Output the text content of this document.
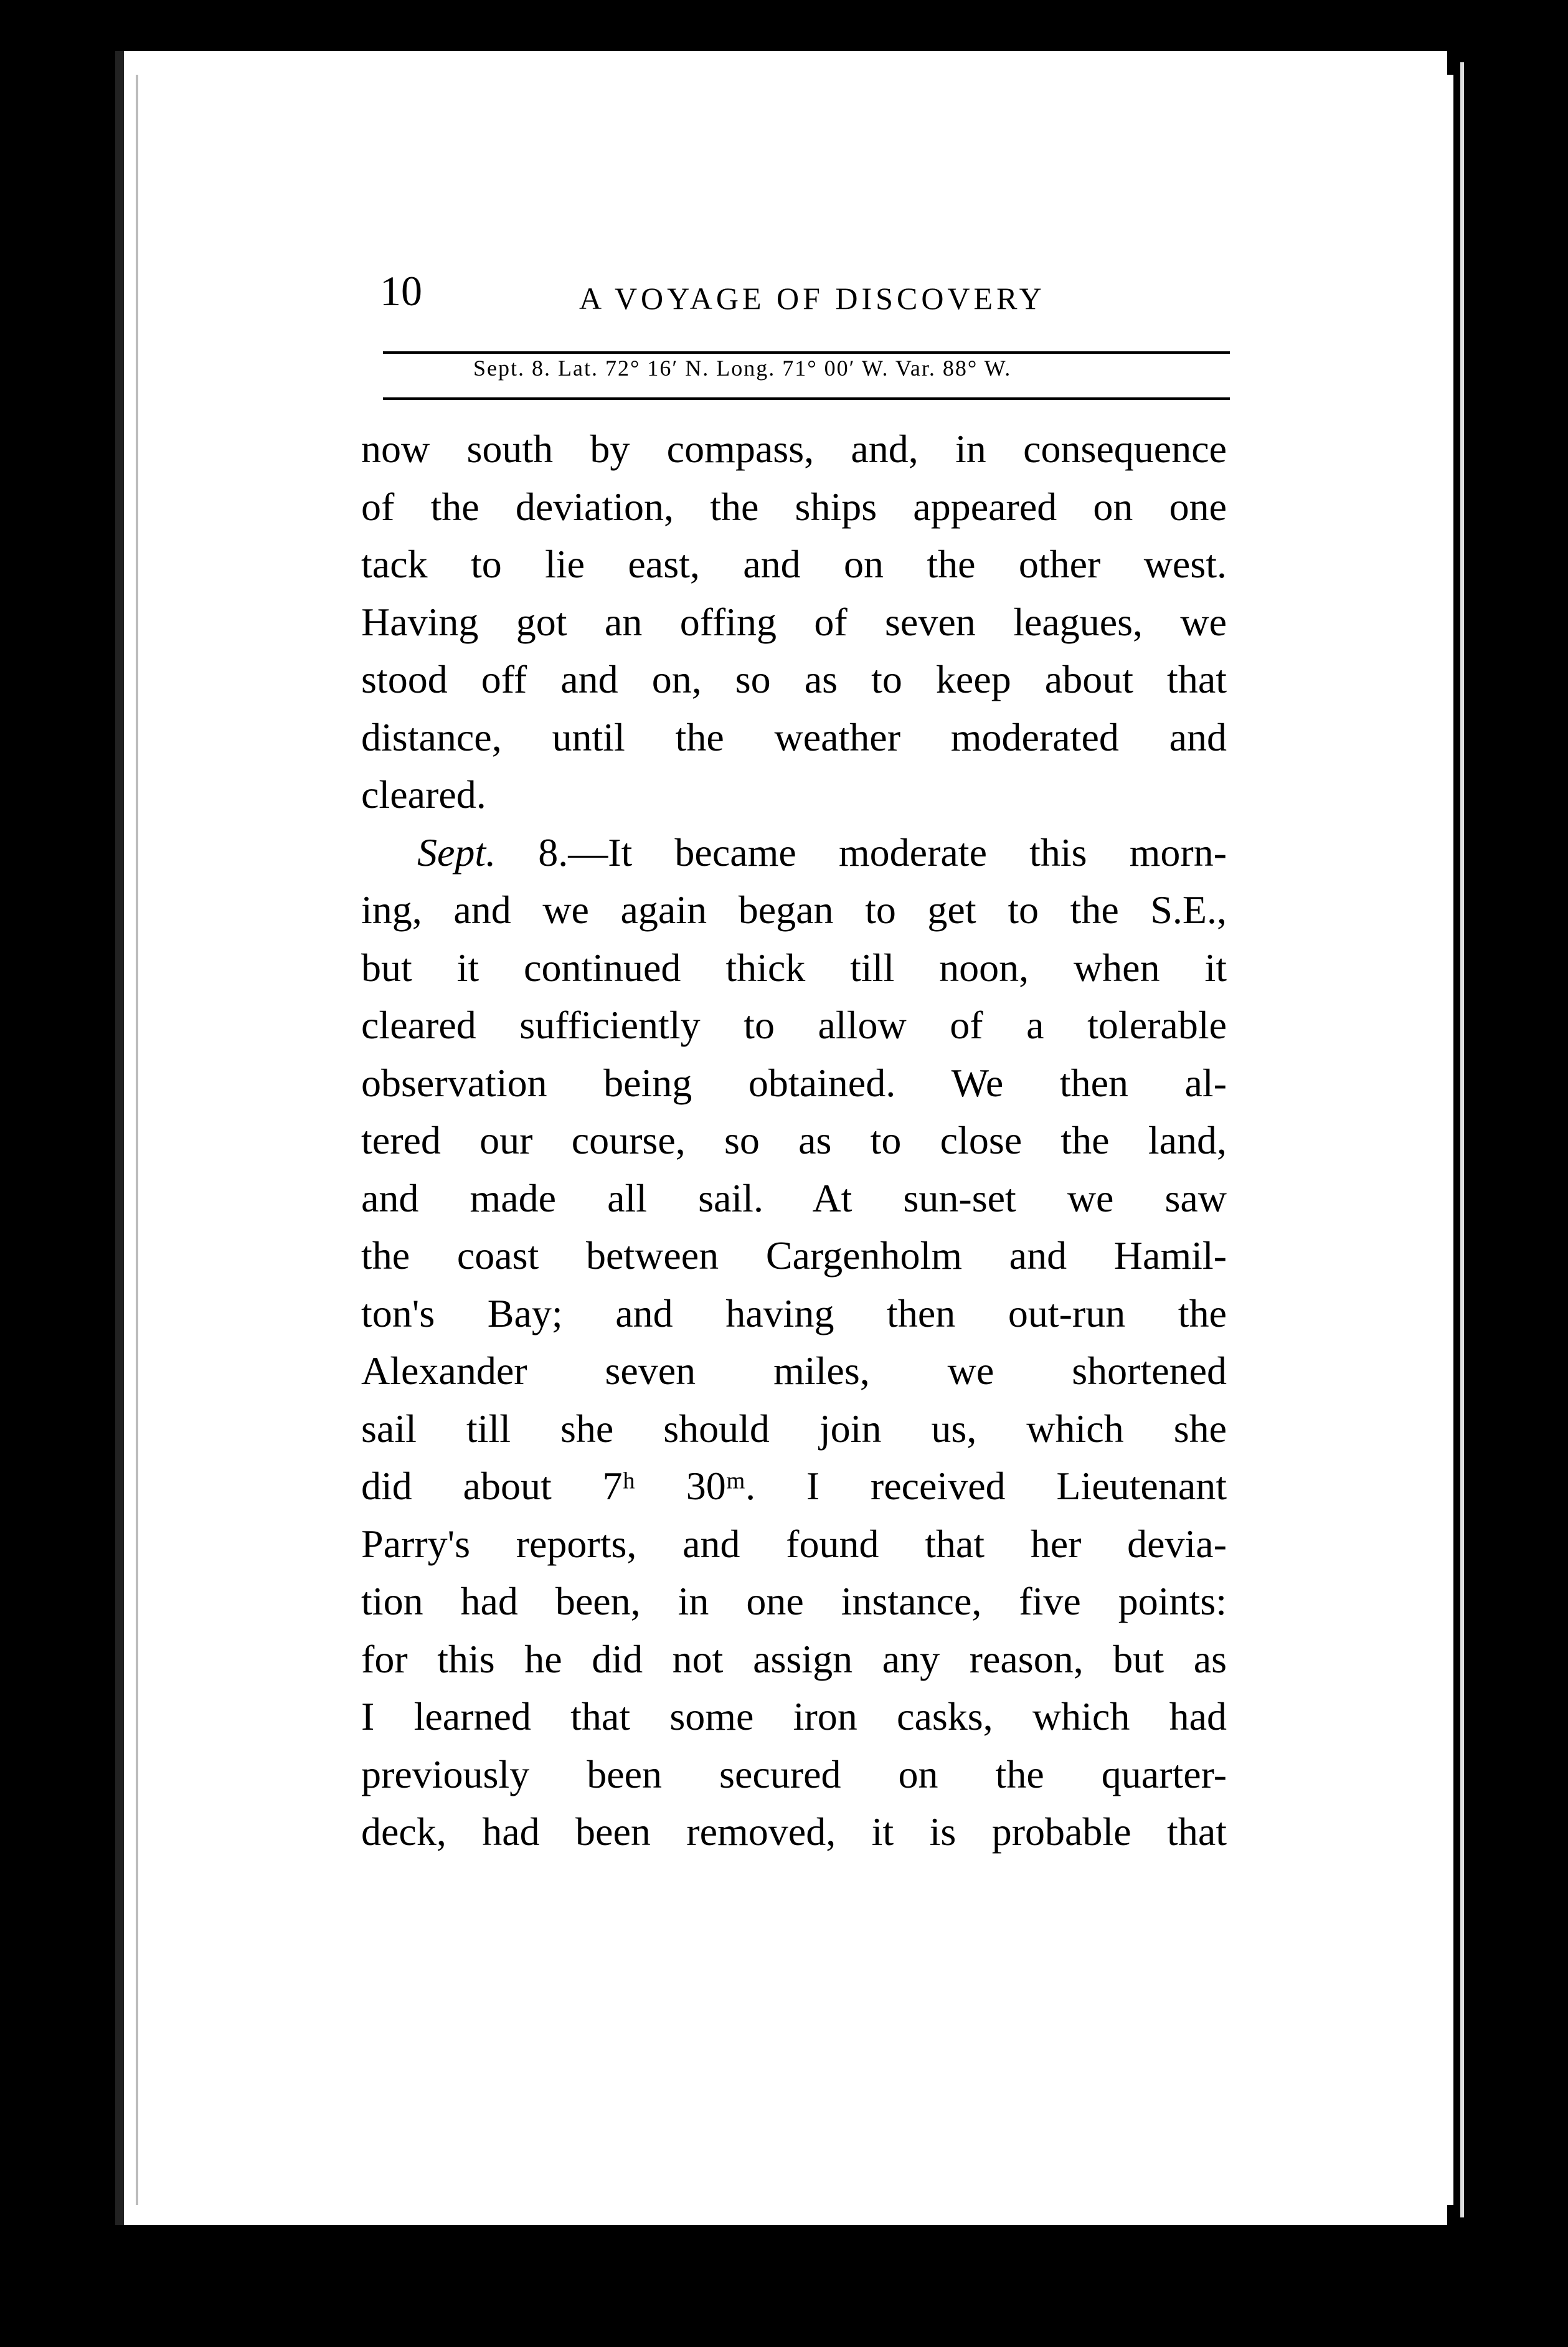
10	A VOYAGE OF DISCOVERY
Sept. 8. Lat. 72° 16′ N. Long. 71° 00′ W. Var. 88° W.
now south by compass, and, in consequence
of the deviation, the ships appeared on one
tack to lie east, and on the other west.
Having got an offing of seven leagues, we
stood off and on, so as to keep about that
distance, until the weather moderated and
cleared.
Sept. 8.—It became moderate this morn-
ing, and we again began to get to the S.E.,
but it continued thick till noon, when it
cleared sufficiently to allow of a tolerable
observation being obtained. We then al-
tered our course, so as to close the land,
and made all sail. At sun-set we saw
the coast between Cargenholm and Hamil-
ton's Bay; and having then out-run the
Alexander seven miles, we shortened
sail till she should join us, which she
did about 7ʰ 30ᵐ. I received Lieutenant
Parry's reports, and found that her devia-
tion had been, in one instance, five points:
for this he did not assign any reason, but as
I learned that some iron casks, which had
previously been secured on the quarter-
deck, had been removed, it is probable that
